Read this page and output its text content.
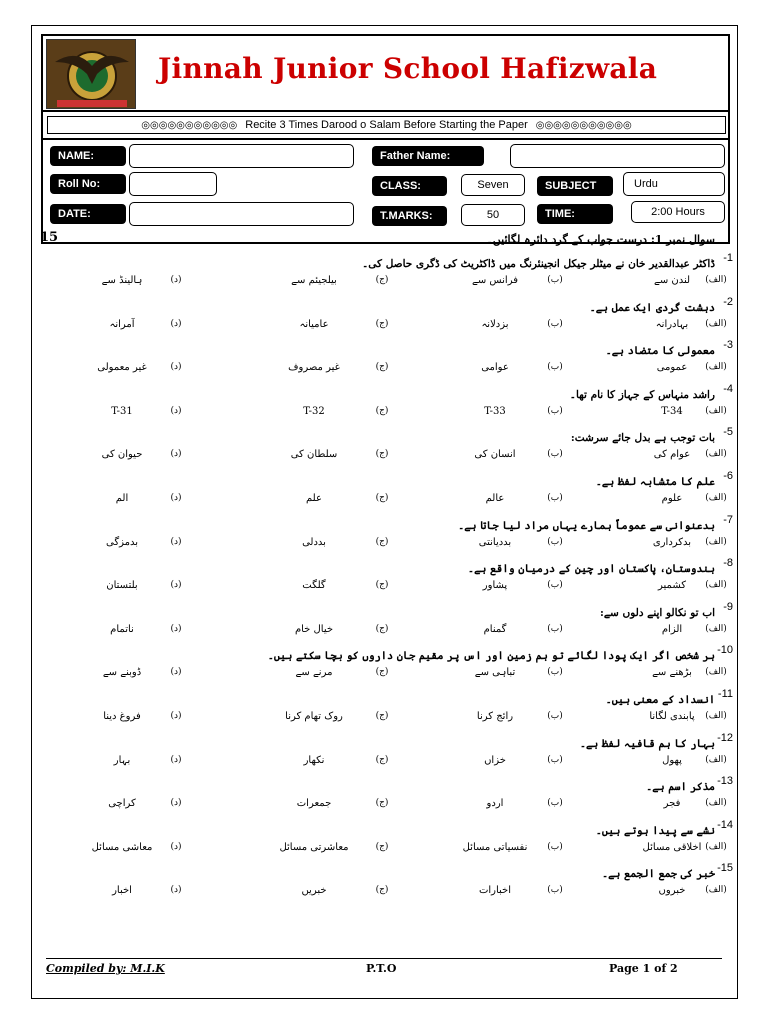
Jinnah Junior School Hafizwala
◎◎◎◎◎◎◎◎◎◎◎ Recite 3 Times Darood o Salam Before Starting the Paper ◎◎◎◎◎◎◎◎◎◎◎
NAME:	Father Name:
Roll No:	CLASS:	Seven	SUBJECT	Urdu
DATE:	T.MARKS:	50	TIME:	2:00 Hours
15	سوال نمبر 1: درست جواب کے گرد دائرہ لگائیں۔
-1
ڈاکٹر عبدالقدیر خان نے میٹلر جیکل انجینئرنگ میں ڈاکٹریٹ کی ڈگری حاصل کی۔
(الف)
لندن سے
(ب)
فرانس سے
(ج)
بیلجیئم سے
(د)
ہالینڈ سے
-2
دہشت گردی ایک عمل ہے۔
(الف)
بہادرانہ
(ب)
بزدلانہ
(ج)
عامیانہ
(د)
آمرانہ
-3
معمولی کا متضاد ہے۔
(الف)
عمومی
(ب)
عوامی
(ج)
غیر مصروف
(د)
غیر معمولی
-4
راشد منہاس کے جہاز کا نام تھا۔
(الف)
T-34
(ب)
T-33
(ج)
T-32
(د)
T-31
-5
بات توجب ہے بدل جائے سرشت:
(الف)
عوام کی
(ب)
انسان کی
(ج)
سلطان کی
(د)
حیوان کی
-6
علم کا متشابہ لفظ ہے۔
(الف)
علوم
(ب)
عالم
(ج)
علم
(د)
الم
-7
بدعنوانی سے عموماً ہمارے یہاں مراد لیا جاتا ہے۔
(الف)
بدکرداری
(ب)
بددیانتی
(ج)
بددلی
(د)
بدمزگی
-8
ہندوستان، پاکستان اور چین کے درمیان واقع ہے۔
(الف)
کشمیر
(ب)
پشاور
(ج)
گلگت
(د)
بلتستان
-9
اب تو نکالو اپنے دلوں سے:
(الف)
الزام
(ب)
گمنام
(ج)
خیال خام
(د)
ناتمام
-10
ہر شخص اگر ایک پودا لگائے تو ہم زمین اور اس پر مقیم جان داروں کو بچا سکتے ہیں۔
(الف)
بڑھنے سے
(ب)
تباہی سے
(ج)
مرنے سے
(د)
ڈوبنے سے
-11
انسداد کے معنی ہیں۔
(الف)
پابندی لگانا
(ب)
رائج کرنا
(ج)
روک تھام کرنا
(د)
فروغ دینا
-12
بہار کا ہم قافیہ لفظ ہے۔
(الف)
پھول
(ب)
خزاں
(ج)
نکھار
(د)
بہار
-13
مذکر اسم ہے۔
(الف)
فجر
(ب)
اردو
(ج)
جمعرات
(د)
کراچی
-14
نشے سے پیدا ہوتے ہیں۔
(الف)
اخلاقی مسائل
(ب)
نفسیاتی مسائل
(ج)
معاشرتی مسائل
(د)
معاشی مسائل
-15
خبر کی جمع الجمع ہے۔
(الف)
خبروں
(ب)
اخبارات
(ج)
خبریں
(د)
اخبار
Compiled by: M.I.K	P.T.O	Page 1 of 2
